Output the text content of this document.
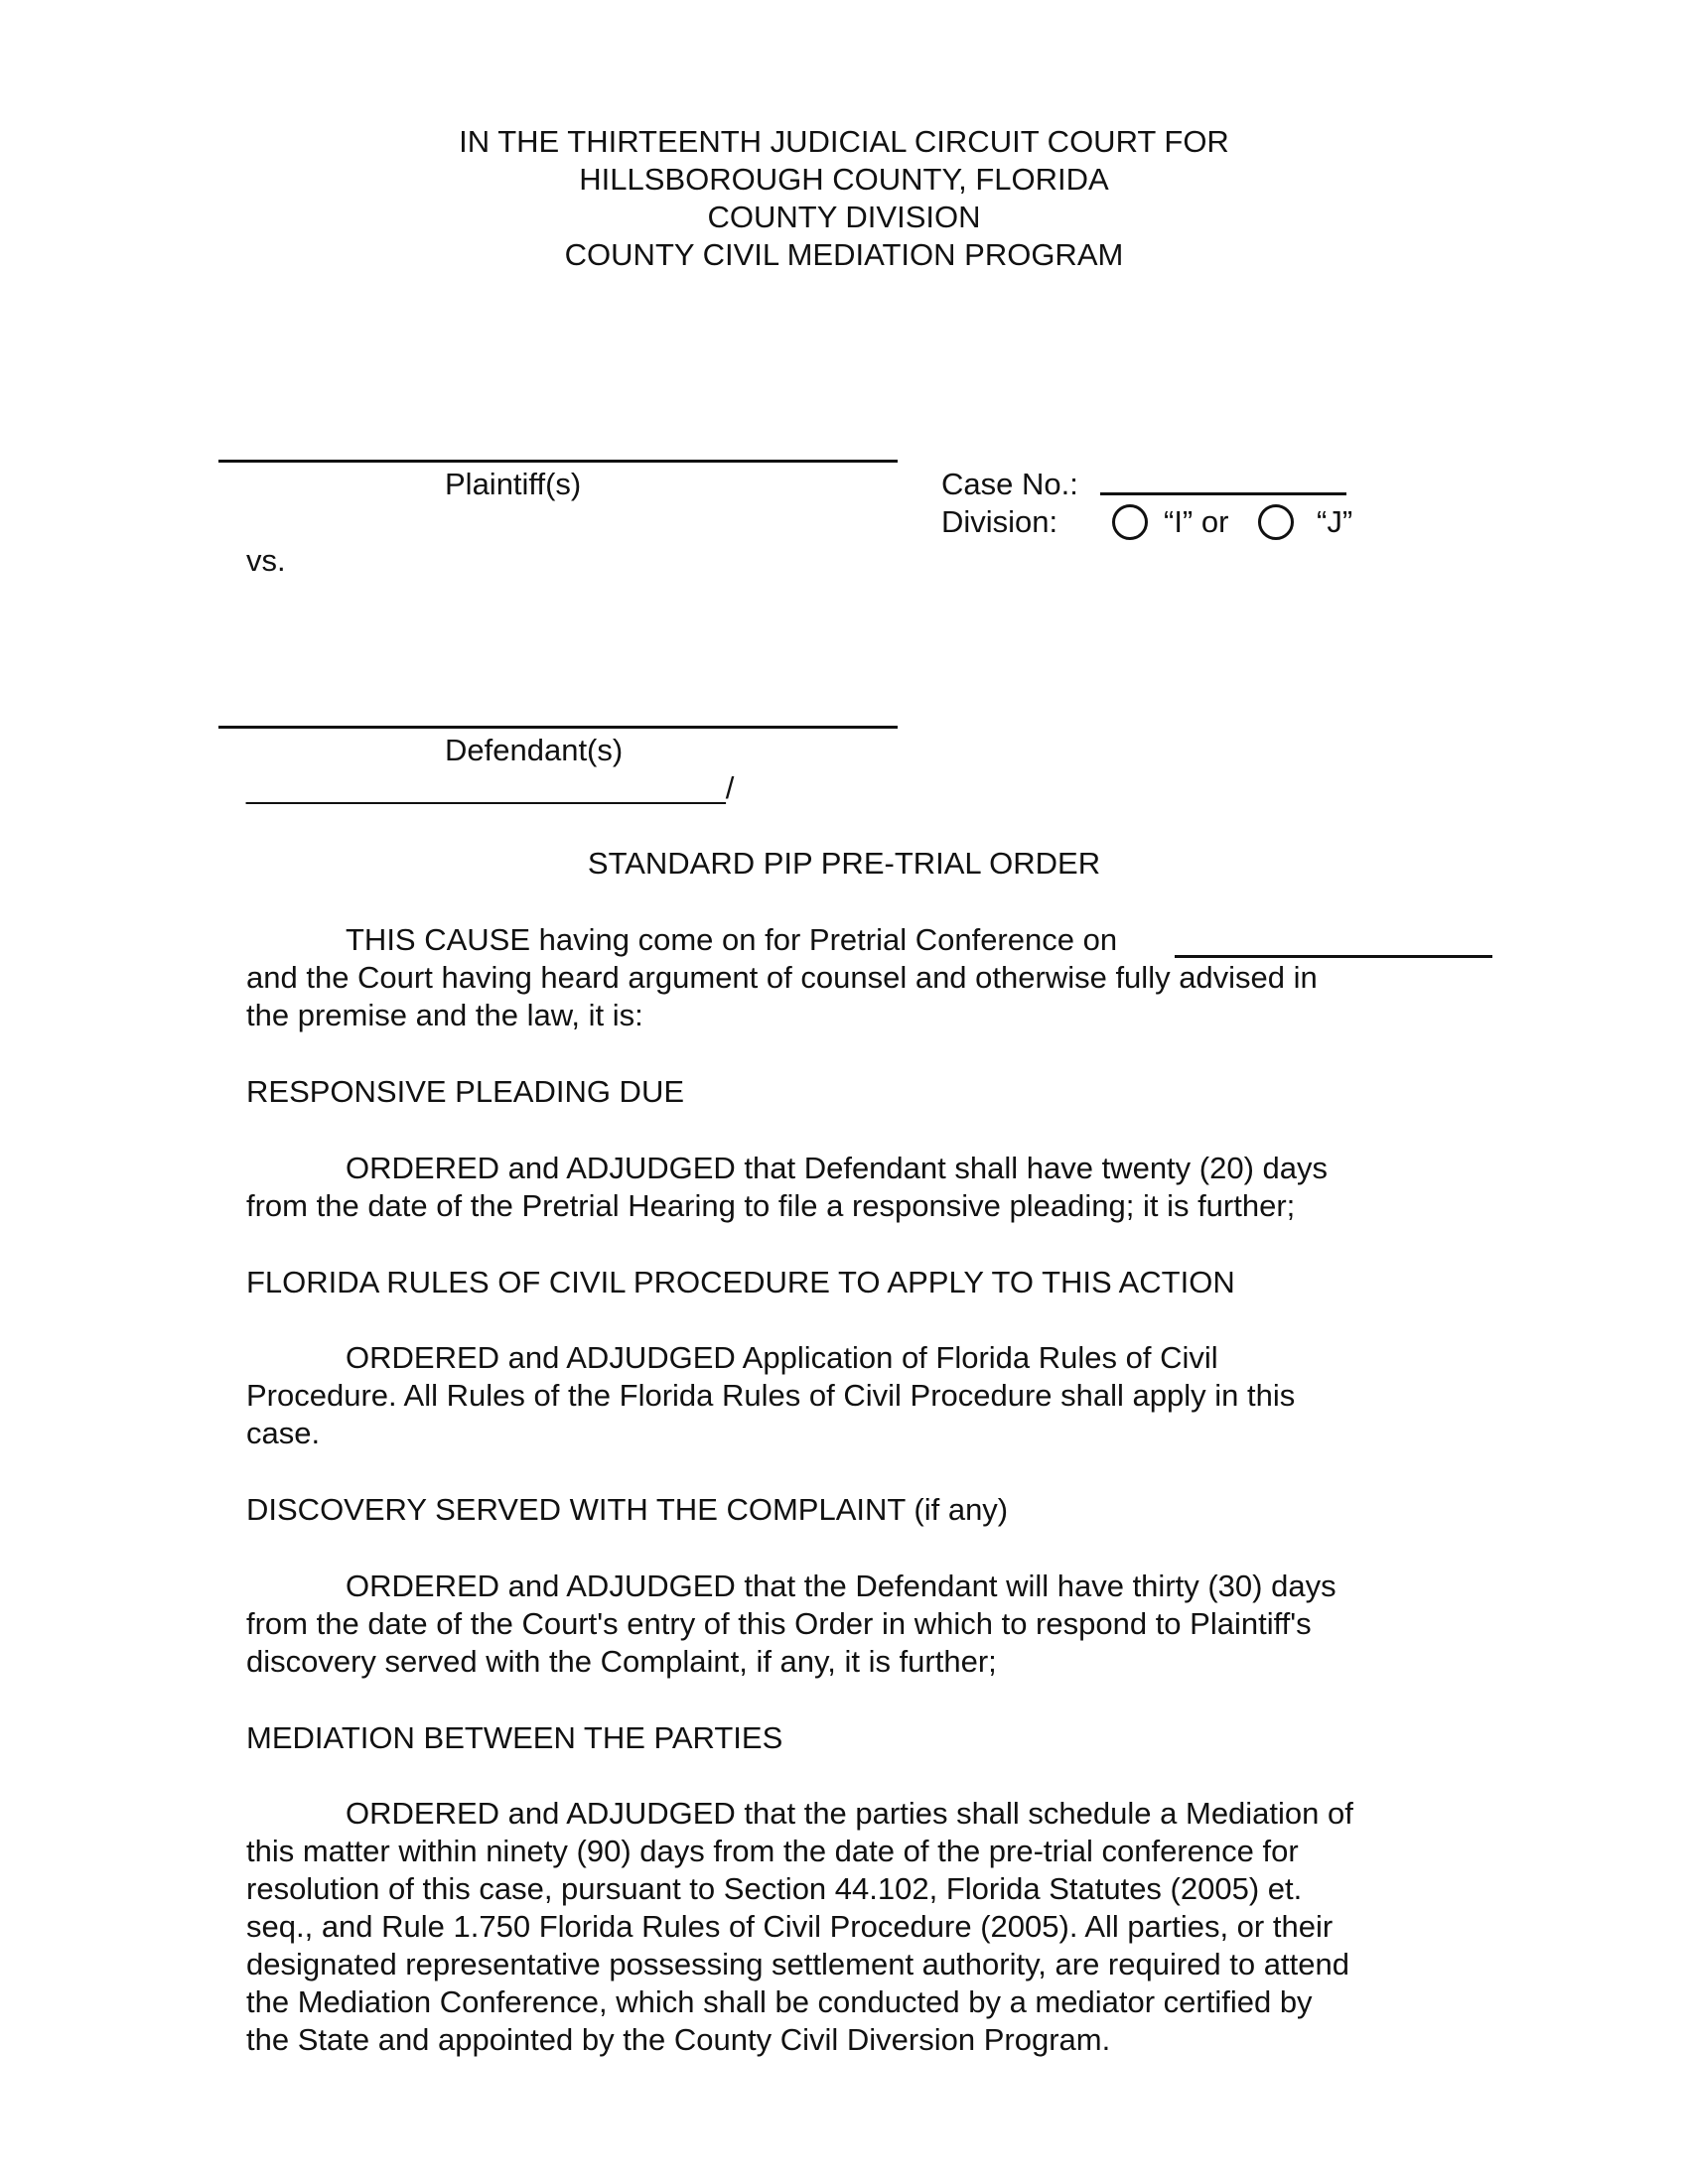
IN THE THIRTEENTH JUDICIAL CIRCUIT COURT FOR
HILLSBOROUGH COUNTY, FLORIDA
COUNTY DIVISION
COUNTY CIVIL MEDIATION PROGRAM
Plaintiff(s)
vs.
Defendant(s)
____________________________/
Case No.:
Division:	“I” or	“J”
STANDARD PIP PRE-TRIAL ORDER
THIS CAUSE having come on for Pretrial Conference on
and the Court having heard argument of counsel and otherwise fully advised in
the premise and the law, it is:
RESPONSIVE PLEADING DUE

ORDERED and ADJUDGED that Defendant shall have twenty (20) days

from the date of the Pretrial Hearing to file a responsive pleading; it is further;

FLORIDA RULES OF CIVIL PROCEDURE TO APPLY TO THIS ACTION

ORDERED and ADJUDGED Application of Florida Rules of Civil

Procedure. All Rules of the Florida Rules of Civil Procedure shall apply in this

case.

DISCOVERY SERVED WITH THE COMPLAINT (if any)

ORDERED and ADJUDGED that the Defendant will have thirty (30) days

from the date of the Court's entry of this Order in which to respond to Plaintiff's

discovery served with the Complaint, if any, it is further;

MEDIATION BETWEEN THE PARTIES

ORDERED and ADJUDGED that the parties shall schedule a Mediation of

this matter within ninety (90) days from the date of the pre-trial conference for

resolution of this case, pursuant to Section 44.102, Florida Statutes (2005) et.

seq., and Rule 1.750 Florida Rules of Civil Procedure (2005). All parties, or their

designated representative possessing settlement authority, are required to attend

the Mediation Conference, which shall be conducted by a mediator certified by

the State and appointed by the County Civil Diversion Program.
